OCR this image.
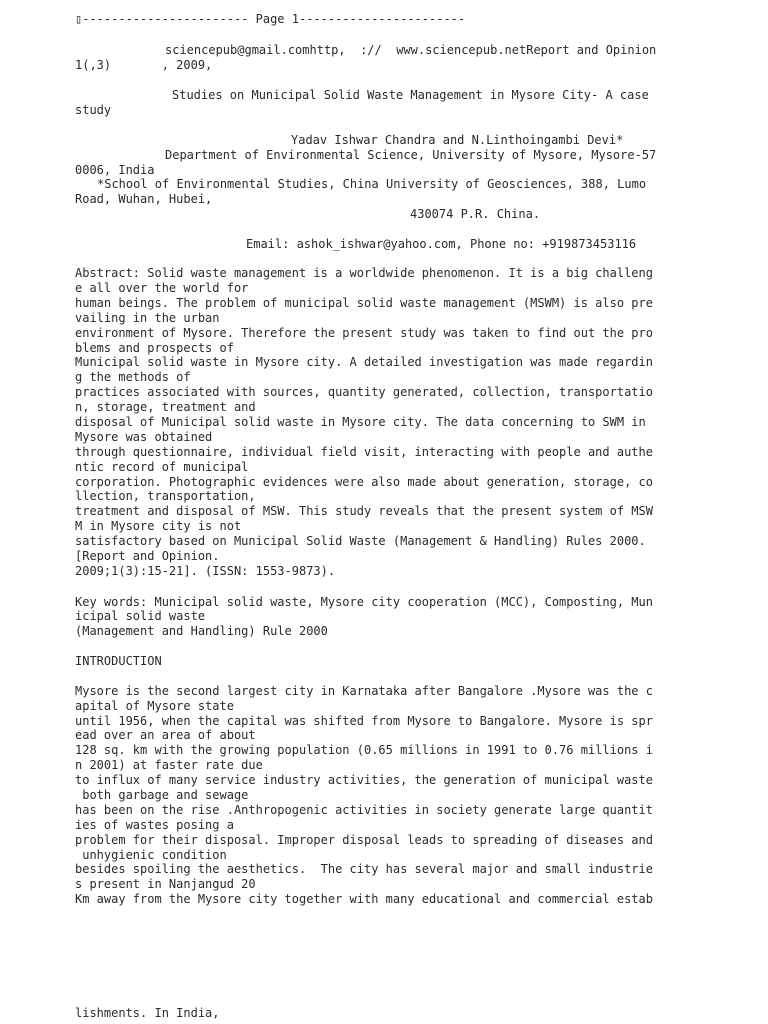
▯----------------------- Page 1-----------------------
sciencepub@gmail.comhttp,  ://  www.sciencepub.netReport and Opinion
1(,3)       , 2009,
Studies on Municipal Solid Waste Management in Mysore City- A case
study
Yadav Ishwar Chandra and N.Linthoingambi Devi*
Department of Environmental Science, University of Mysore, Mysore-57
0006, India
*School of Environmental Studies, China University of Geosciences, 388, Lumo
Road, Wuhan, Hubei,
430074 P.R. China.
Email: ashok_ishwar@yahoo.com, Phone no: +919873453116
Abstract: Solid waste management is a worldwide phenomenon. It is a big challeng
e all over the world for
human beings. The problem of municipal solid waste management (MSWM) is also pre
vailing in the urban
environment of Mysore. Therefore the present study was taken to find out the pro
blems and prospects of
Municipal solid waste in Mysore city. A detailed investigation was made regardin
g the methods of
practices associated with sources, quantity generated, collection, transportatio
n, storage, treatment and
disposal of Municipal solid waste in Mysore city. The data concerning to SWM in
Mysore was obtained
through questionnaire, individual field visit, interacting with people and authe
ntic record of municipal
corporation. Photographic evidences were also made about generation, storage, co
llection, transportation,
treatment and disposal of MSW. This study reveals that the present system of MSW
M in Mysore city is not
satisfactory based on Municipal Solid Waste (Management & Handling) Rules 2000.
[Report and Opinion.
2009;1(3):15-21]. (ISSN: 1553-9873).
Key words: Municipal solid waste, Mysore city cooperation (MCC), Composting, Mun
icipal solid waste
(Management and Handling) Rule 2000
INTRODUCTION
Mysore is the second largest city in Karnataka after Bangalore .Mysore was the c
apital of Mysore state
until 1956, when the capital was shifted from Mysore to Bangalore. Mysore is spr
ead over an area of about
128 sq. km with the growing population (0.65 millions in 1991 to 0.76 millions i
n 2001) at faster rate due
to influx of many service industry activities, the generation of municipal waste
both garbage and sewage
has been on the rise .Anthropogenic activities in society generate large quantit
ies of wastes posing a
problem for their disposal. Improper disposal leads to spreading of diseases and
unhygienic condition
besides spoiling the aesthetics.  The city has several major and small industrie
s present in Nanjangud 20
Km away from the Mysore city together with many educational and commercial estab
lishments. In India,
